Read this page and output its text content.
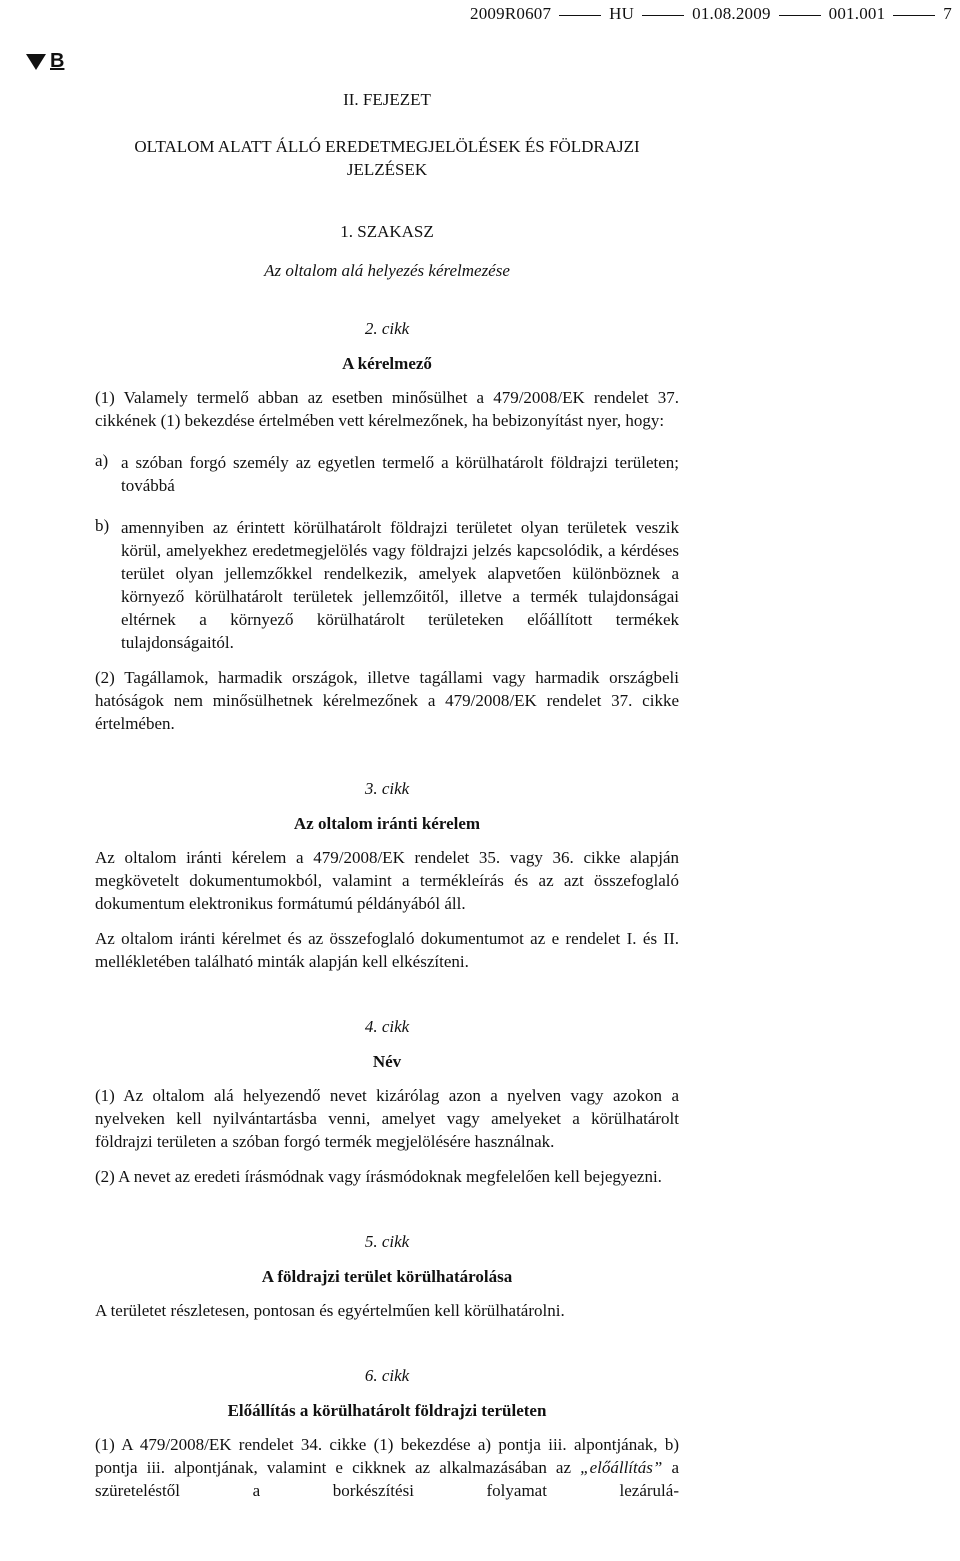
2009R0607	HU	01.08.2009	001.001	7
B
II. FEJEZET
OLTALOM ALATT ÁLLÓ EREDETMEGJELÖLÉSEK ÉS FÖLDRAJZI JELZÉSEK
1. SZAKASZ
Az oltalom alá helyezés kérelmezése
2. cikk
A kérelmező

(1) Valamely termelő abban az esetben minősülhet a 479/2008/EK rendelet 37. cikkének (1) bekezdése értelmében vett kérelmezőnek, ha bebizonyítást nyer, hogy:

a) a szóban forgó személy az egyetlen termelő a körülhatárolt földrajzi területen; továbbá
b) amennyiben az érintett körülhatárolt földrajzi területet olyan területek veszik körül, amelyekhez eredetmegjelölés vagy földrajzi jelzés kapcsolódik, a kérdéses terület olyan jellemzőkkel rendelkezik, amelyek alapvetően különböznek a környező körülhatárolt területek jellemzőitől, illetve a termék tulajdonságai eltérnek a környező körülhatárolt területeken előállított termékek tulajdonságaitól.

(2) Tagállamok, harmadik országok, illetve tagállami vagy harmadik országbeli hatóságok nem minősülhetnek kérelmezőnek a 479/2008/EK rendelet 37. cikke értelmében.

3. cikk
Az oltalom iránti kérelem

Az oltalom iránti kérelem a 479/2008/EK rendelet 35. vagy 36. cikke alapján megkövetelt dokumentumokból, valamint a termékleírás és az azt összefoglaló dokumentum elektronikus formátumú példányából áll.

Az oltalom iránti kérelmet és az összefoglaló dokumentumot az e rendelet I. és II. mellékletében található minták alapján kell elkészíteni.

4. cikk
Név

(1) Az oltalom alá helyezendő nevet kizárólag azon a nyelven vagy azokon a nyelveken kell nyilvántartásba venni, amelyet vagy amelyeket a körülhatárolt földrajzi területen a szóban forgó termék megjelölésére használnak.

(2) A nevet az eredeti írásmódnak vagy írásmódoknak megfelelően kell bejegyezni.

5. cikk
A földrajzi terület körülhatárolása

A területet részletesen, pontosan és egyértelműen kell körülhatárolni.

6. cikk
Előállítás a körülhatárolt földrajzi területen

(1) A 479/2008/EK rendelet 34. cikke (1) bekezdése a) pontja iii. alpontjának, b) pontja iii. alpontjának, valamint e cikknek az alkalmazásában az „előállítás” a szüreteléstől a borkészítési folyamat lezárulá-
